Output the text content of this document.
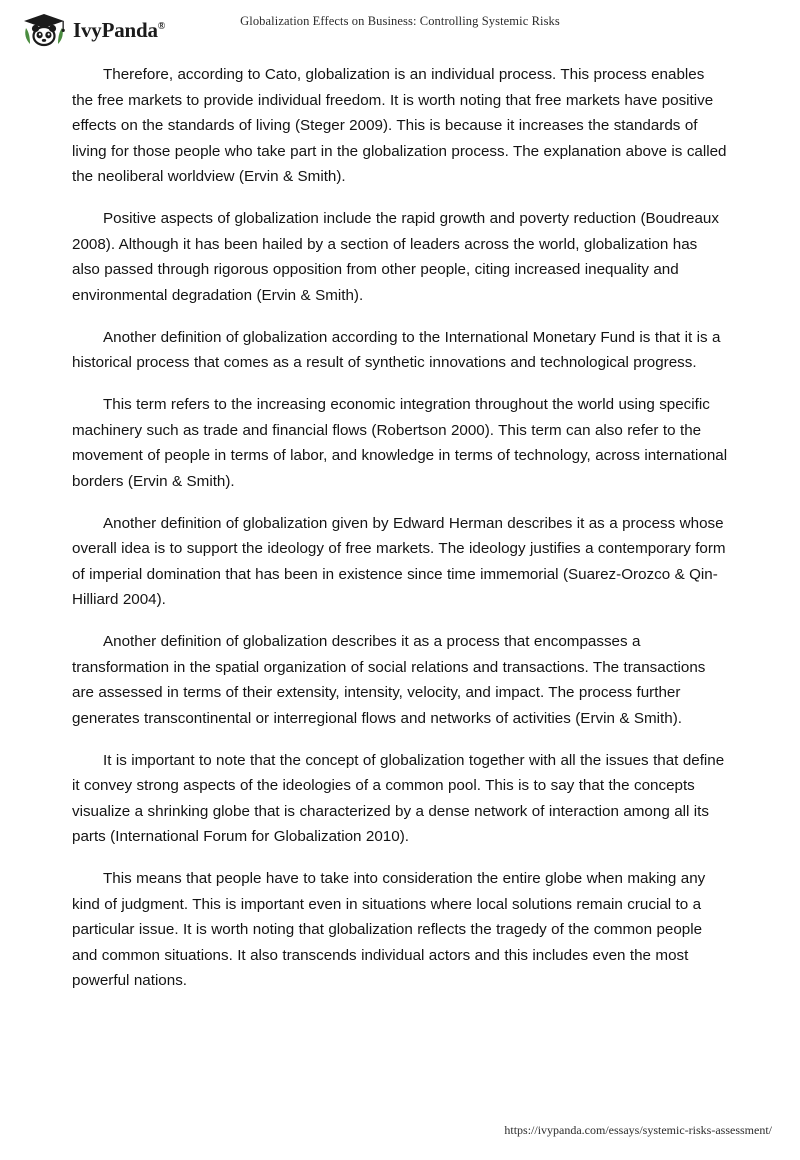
IvyPanda®	Globalization Effects on Business: Controlling Systemic Risks

Therefore, according to Cato, globalization is an individual process. This process enables the free markets to provide individual freedom. It is worth noting that free markets have positive effects on the standards of living (Steger 2009). This is because it increases the standards of living for those people who take part in the globalization process. The explanation above is called the neoliberal worldview (Ervin & Smith).

Positive aspects of globalization include the rapid growth and poverty reduction (Boudreaux 2008). Although it has been hailed by a section of leaders across the world, globalization has also passed through rigorous opposition from other people, citing increased inequality and environmental degradation (Ervin & Smith).

Another definition of globalization according to the International Monetary Fund is that it is a historical process that comes as a result of synthetic innovations and technological progress.

This term refers to the increasing economic integration throughout the world using specific machinery such as trade and financial flows (Robertson 2000). This term can also refer to the movement of people in terms of labor, and knowledge in terms of technology, across international borders (Ervin & Smith).

Another definition of globalization given by Edward Herman describes it as a process whose overall idea is to support the ideology of free markets. The ideology justifies a contemporary form of imperial domination that has been in existence since time immemorial (Suarez-Orozco & Qin-Hilliard 2004).

Another definition of globalization describes it as a process that encompasses a transformation in the spatial organization of social relations and transactions. The transactions are assessed in terms of their extensity, intensity, velocity, and impact. The process further generates transcontinental or interregional flows and networks of activities (Ervin & Smith).

It is important to note that the concept of globalization together with all the issues that define it convey strong aspects of the ideologies of a common pool. This is to say that the concepts visualize a shrinking globe that is characterized by a dense network of interaction among all its parts (International Forum for Globalization 2010).

This means that people have to take into consideration the entire globe when making any kind of judgment. This is important even in situations where local solutions remain crucial to a particular issue. It is worth noting that globalization reflects the tragedy of the common people and common situations. It also transcends individual actors and this includes even the most powerful nations.

https://ivypanda.com/essays/systemic-risks-assessment/
